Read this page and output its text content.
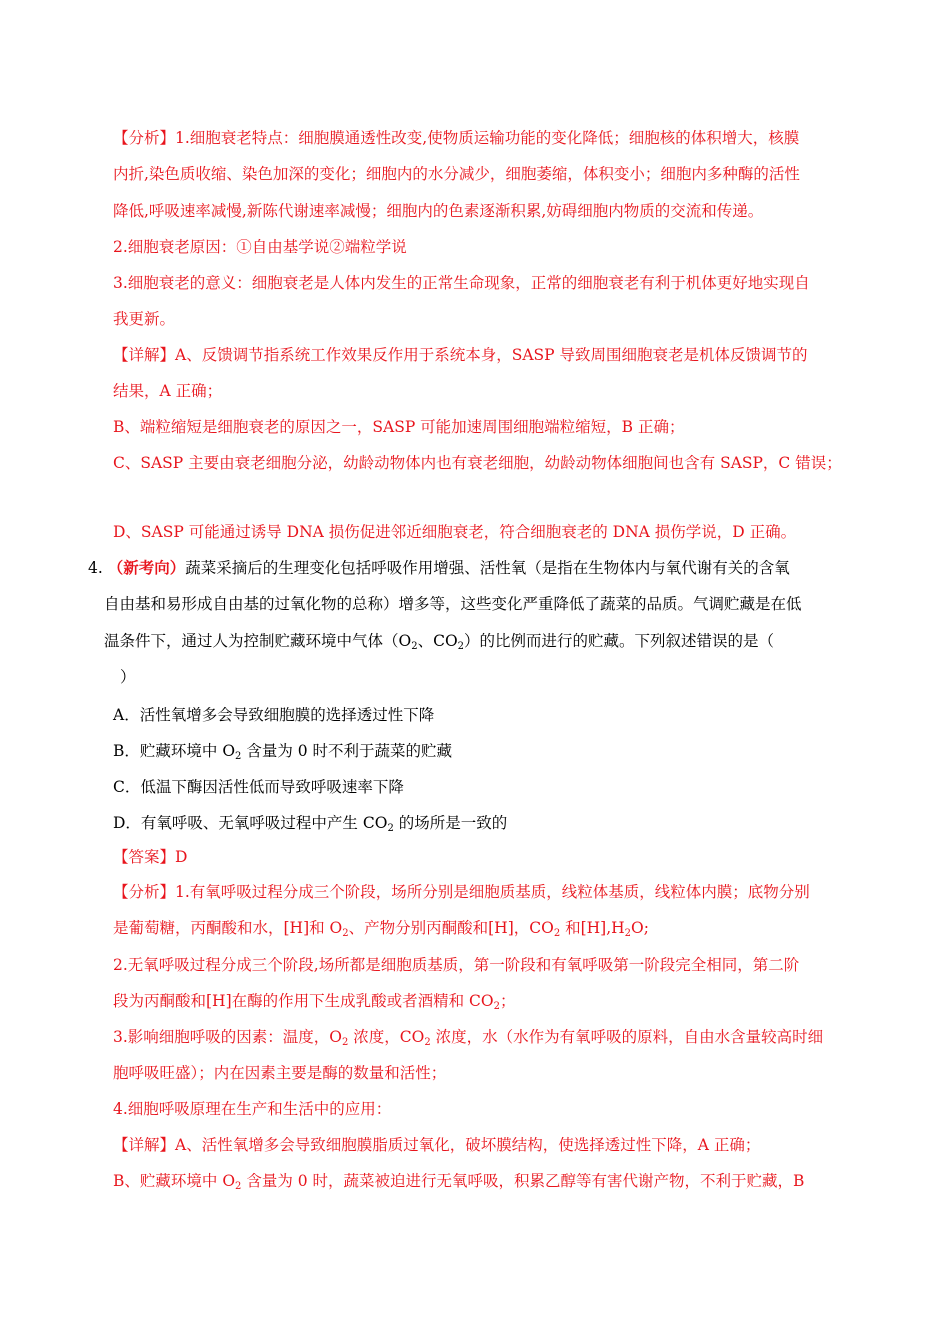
【分析】1.细胞衰老特点：细胞膜通透性改变,使物质运输功能的变化降低；细胞核的体积增大，核膜
内折,染色质收缩、染色加深的变化；细胞内的水分减少，细胞萎缩，体积变小；细胞内多种酶的活性
降低,呼吸速率减慢,新陈代谢速率减慢；细胞内的色素逐渐积累,妨碍细胞内物质的交流和传递。
2.细胞衰老原因：①自由基学说②端粒学说
3.细胞衰老的意义：细胞衰老是人体内发生的正常生命现象，正常的细胞衰老有利于机体更好地实现自
我更新。
【详解】A、反馈调节指系统工作效果反作用于系统本身，SASP 导致周围细胞衰老是机体反馈调节的
结果，A 正确；
B、端粒缩短是细胞衰老的原因之一，SASP 可能加速周围细胞端粒缩短，B 正确；
C、SASP 主要由衰老细胞分泌，幼龄动物体内也有衰老细胞，幼龄动物体细胞间也含有 SASP，C 错误；
D、SASP 可能通过诱导 DNA 损伤促进邻近细胞衰老，符合细胞衰老的 DNA 损伤学说，D 正确。
4. （新考向）蔬菜采摘后的生理变化包括呼吸作用增强、活性氧（是指在生物体内与氧代谢有关的含氧
自由基和易形成自由基的过氧化物的总称）增多等，这些变化严重降低了蔬菜的品质。气调贮藏是在低
温条件下，通过人为控制贮藏环境中气体（$O_2$、$CO_2$）的比例而进行的贮藏。下列叙述错误的是（
）
A．活性氧增多会导致细胞膜的选择透过性下降
B．贮藏环境中 $O_2$ 含量为 0 时不利于蔬菜的贮藏
C．低温下酶因活性低而导致呼吸速率下降
D．有氧呼吸、无氧呼吸过程中产生 $CO_2$ 的场所是一致的
【答案】D
【分析】1.有氧呼吸过程分成三个阶段，场所分别是细胞质基质，线粒体基质，线粒体内膜；底物分别
是葡萄糖，丙酮酸和水，[H]和 $O_2$、产物分别丙酮酸和[H]，$CO_2$ 和$[H],H_2O$;
2.无氧呼吸过程分成三个阶段,场所都是细胞质基质，第一阶段和有氧呼吸第一阶段完全相同，第二阶
段为丙酮酸和[H]在酶的作用下生成乳酸或者酒精和 $CO_2$；
3.影响细胞呼吸的因素：温度，$O_2$ 浓度，$CO_2$ 浓度，水（水作为有氧呼吸的原料，自由水含量较高时细
胞呼吸旺盛）；内在因素主要是酶的数量和活性；
4.细胞呼吸原理在生产和生活中的应用：
【详解】A、活性氧增多会导致细胞膜脂质过氧化，破坏膜结构，使选择透过性下降，A 正确；
B、贮藏环境中 $O_2$ 含量为 0 时，蔬菜被迫进行无氧呼吸，积累乙醇等有害代谢产物，不利于贮藏，B
